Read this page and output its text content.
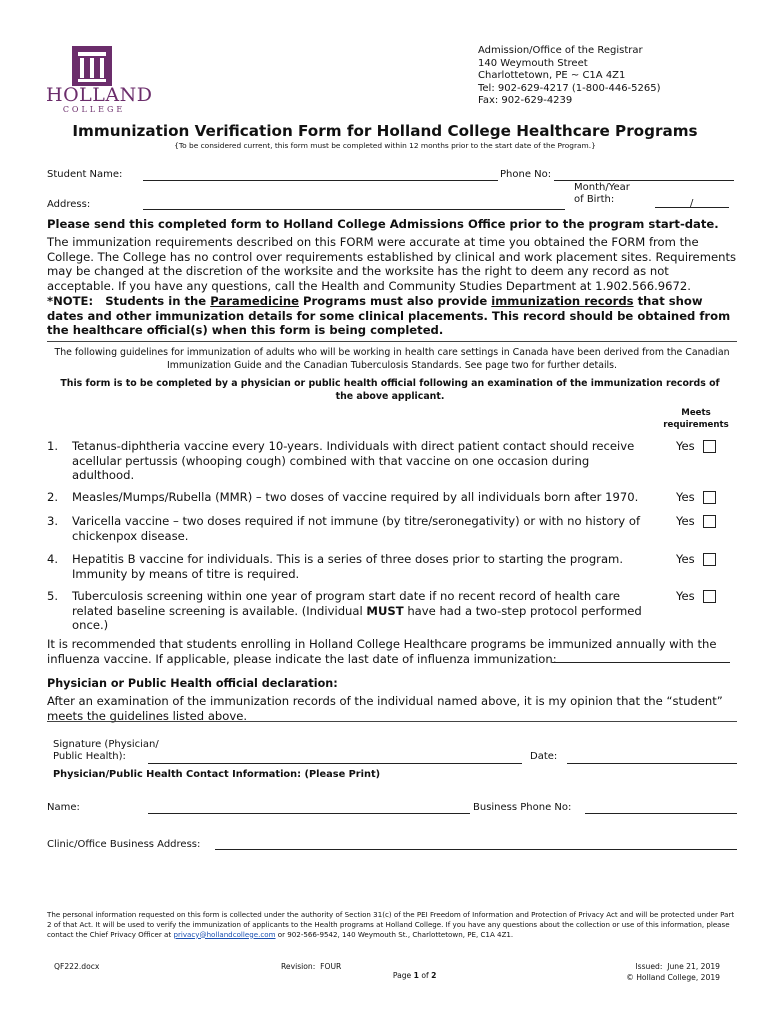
HOLLAND
COLLEGE
Admission/Office of the Registrar
140 Weymouth Street
Charlottetown, PE ~ C1A 4Z1
Tel: 902-629-4217 (1-800-446-5265)
Fax: 902-629-4239
Immunization Verification Form for Holland College Healthcare Programs
{To be considered current, this form must be completed within 12 months prior to the start date of the Program.}
Student Name:	Phone No:
Month/Year
of Birth:	/
Address:
Please send this completed form to Holland College Admissions Office prior to the program start-date.
The immunization requirements described on this FORM were accurate at time you obtained the FORM from the College. The College has no control over requirements established by clinical and work placement sites. Requirements may be changed at the discretion of the worksite and the worksite has the right to deem any record as not acceptable. If you have any questions, call the Health and Community Studies Department at 1.902.566.9672.
*NOTE:   Students in the Paramedicine Programs must also provide immunization records that show dates and other immunization details for some clinical placements. This record should be obtained from the healthcare official(s) when this form is being completed.
The following guidelines for immunization of adults who will be working in health care settings in Canada have been derived from the Canadian Immunization Guide and the Canadian Tuberculosis Standards. See page two for further details.
This form is to be completed by a physician or public health official following an examination of the immunization records of the above applicant.
Meets requirements
1. Tetanus-diphtheria vaccine every 10-years. Individuals with direct patient contact should receive acellular pertussis (whooping cough) combined with that vaccine on one occasion during adulthood.
Yes
2. Measles/Mumps/Rubella (MMR) – two doses of vaccine required by all individuals born after 1970.	Yes
3. Varicella vaccine – two doses required if not immune (by titre/seronegativity) or with no history of chickenpox disease.
Yes
4. Hepatitis B vaccine for individuals. This is a series of three doses prior to starting the program. Immunity by means of titre is required.
Yes
5. Tuberculosis screening within one year of program start date if no recent record of health care related baseline screening is available. (Individual MUST have had a two-step protocol performed once.)
Yes
It is recommended that students enrolling in Holland College Healthcare programs be immunized annually with the influenza vaccine. If applicable, please indicate the last date of influenza immunization:
Physician or Public Health official declaration:
After an examination of the immunization records of the individual named above, it is my opinion that the “student” meets the guidelines listed above.
Signature (Physician/
Public Health):	Date:
Physician/Public Health Contact Information: (Please Print)
Name:	Business Phone No:
Clinic/Office Business Address:
The personal information requested on this form is collected under the authority of Section 31(c) of the PEI Freedom of Information and Protection of Privacy Act and will be protected under Part 2 of that Act. It will be used to verify the immunization of applicants to the Health programs at Holland College. If you have any questions about the collection or use of this information, please contact the Chief Privacy Officer at privacy@hollandcollege.com or 902-566-9542, 140 Weymouth St., Charlottetown, PE, C1A 4Z1.
QF222.docx	Revision:  FOUR

Page 1 of 2

Issued:  June 21, 2019
© Holland College, 2019
